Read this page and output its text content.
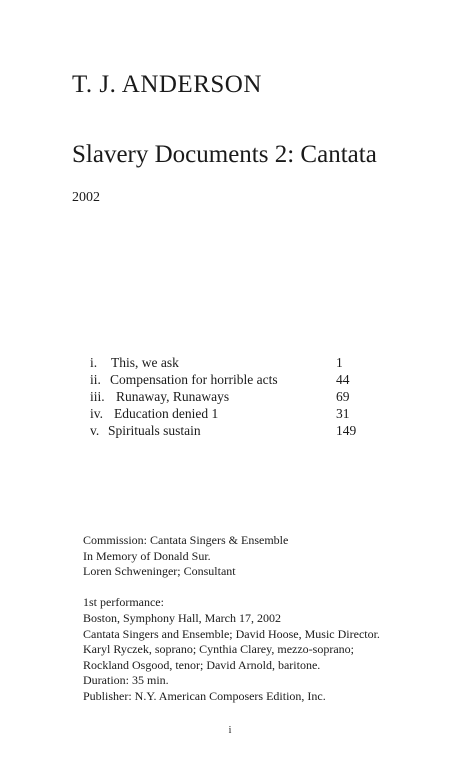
T. J. ANDERSON
Slavery Documents 2: Cantata
2002
i. This, we ask	1
ii. Compensation for horrible acts	44
iii. Runaway, Runaways	69
iv. Education denied 1	31
v. Spirituals sustain	149
Commission: Cantata Singers & Ensemble
In Memory of Donald Sur.
Loren Schweninger; Consultant
1st performance:
Boston, Symphony Hall, March 17, 2002
Cantata Singers and Ensemble; David Hoose, Music Director.
Karyl Ryczek, soprano; Cynthia Clarey, mezzo-soprano;
Rockland Osgood, tenor; David Arnold, baritone.
Duration: 35 min.
Publisher: N.Y. American Composers Edition, Inc.
i
